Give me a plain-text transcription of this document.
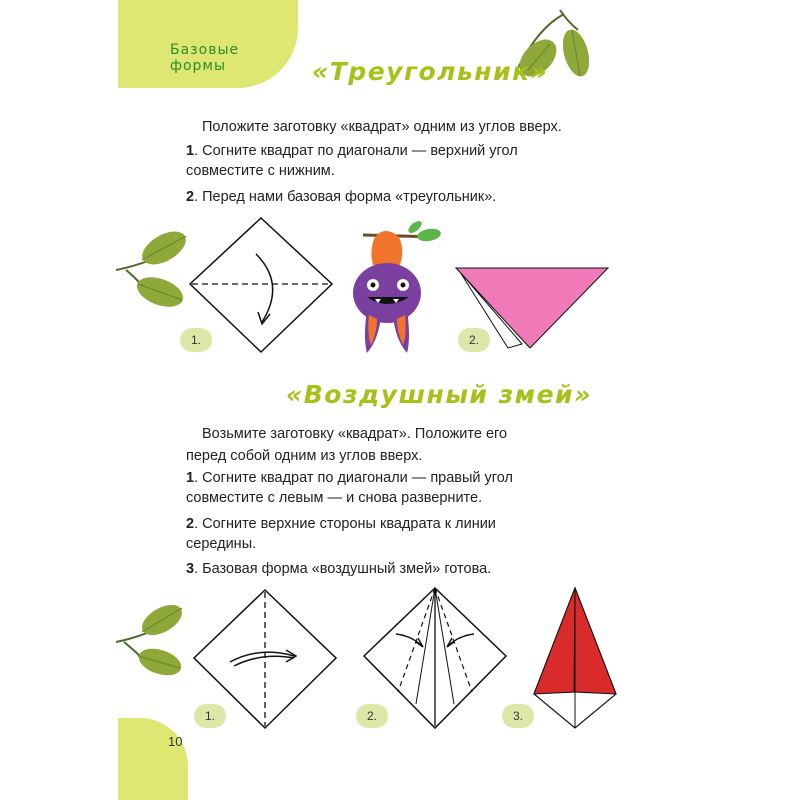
Базовые формы	«Треугольник»
Положите заготовку «квадрат» одним из углов вверх.
1. Согните квадрат по диагонали — верхний угол
совместите с нижним.
2. Перед нами базовая форма «треугольник».
1.	2.
«Воздушный змей»
Возьмите заготовку «квадрат». Положите его
перед собой одним из углов вверх.
1. Согните квадрат по диагонали — правый угол
совместите с левым — и снова разверните.
2. Согните верхние стороны квадрата к линии
середины.
3. Базовая форма «воздушный змей» готова.
1.	2.	3.
10
